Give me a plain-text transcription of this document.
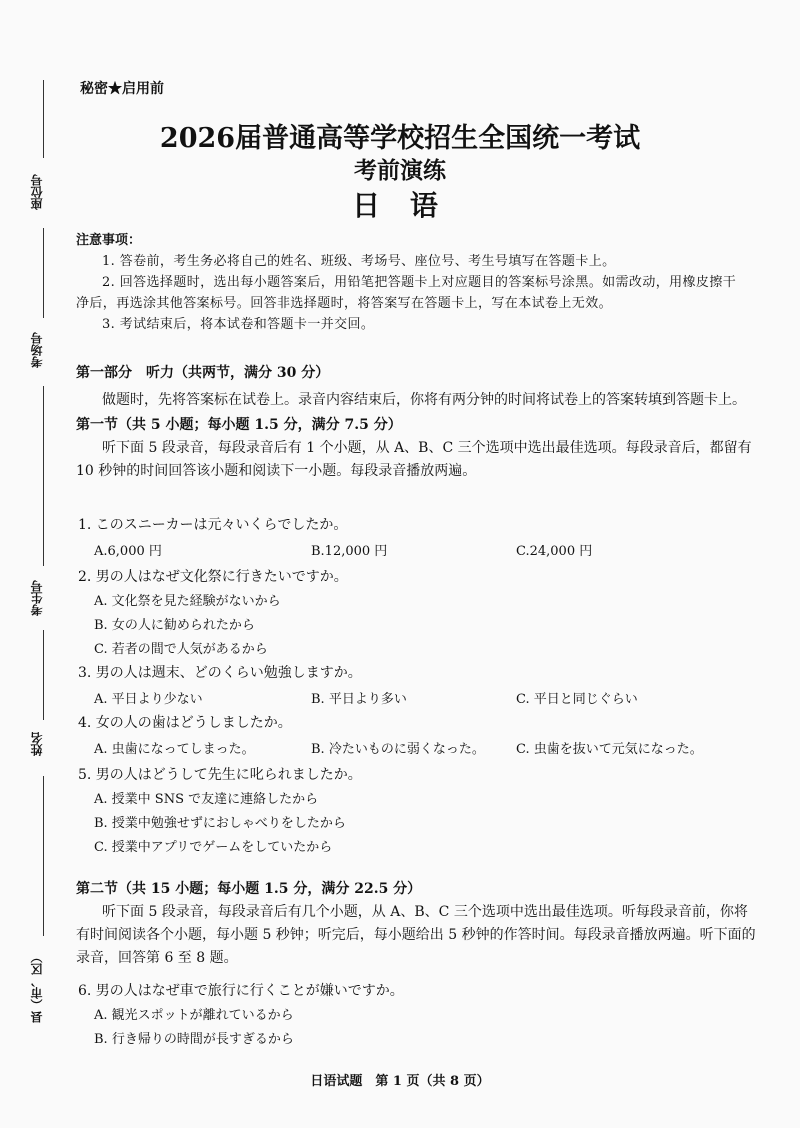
座位号
考场号
考生号
姓名
县（市、区）
秘密★启用前
2026届普通高等学校招生全国统一考试
考前演练
日 语
注意事项：
1. 答卷前，考生务必将自己的姓名、班级、考场号、座位号、考生号填写在答题卡上。
2. 回答选择题时，选出每小题答案后，用铅笔把答题卡上对应题目的答案标号涂黑。如需改动，用橡皮擦干净后，再选涂其他答案标号。回答非选择题时，将答案写在答题卡上，写在本试卷上无效。
3. 考试结束后，将本试卷和答题卡一并交回。
第一部分　听力（共两节，满分 30 分）
做题时，先将答案标在试卷上。录音内容结束后，你将有两分钟的时间将试卷上的答案转填到答题卡上。
第一节（共 5 小题；每小题 1.5 分，满分 7.5 分）
听下面 5 段录音，每段录音后有 1 个小题，从 A、B、C 三个选项中选出最佳选项。每段录音后，都留有 10 秒钟的时间回答该小题和阅读下一小题。每段录音播放两遍。
1. このスニーカーは元々いくらでしたか。
A.6,000 円	B.12,000 円	C.24,000 円
2. 男の人はなぜ文化祭に行きたいですか。
A. 文化祭を見た経験がないから
B. 女の人に勧められたから
C. 若者の間で人気があるから
3. 男の人は週末、どのくらい勉強しますか。
A. 平日より少ない	B. 平日より多い	C. 平日と同じぐらい
4. 女の人の歯はどうしましたか。
A. 虫歯になってしまった。	B. 冷たいものに弱くなった。 C. 虫歯を抜いて元気になった。
5. 男の人はどうして先生に叱られましたか。
A. 授業中 SNS で友達に連絡したから
B. 授業中勉強せずにおしゃべりをしたから
C. 授業中アプリでゲームをしていたから
第二节（共 15 小题；每小题 1.5 分，满分 22.5 分）
听下面 5 段录音，每段录音后有几个小题，从 A、B、C 三个选项中选出最佳选项。听每段录音前，你将有时间阅读各个小题，每小题 5 秒钟；听完后，每小题给出 5 秒钟的作答时间。每段录音播放两遍。听下面的录音，回答第 6 至 8 题。
6. 男の人はなぜ車で旅行に行くことが嫌いですか。
A. 観光スポットが離れているから
B. 行き帰りの時間が長すぎるから
日语试题　第 1 页（共 8 页）
